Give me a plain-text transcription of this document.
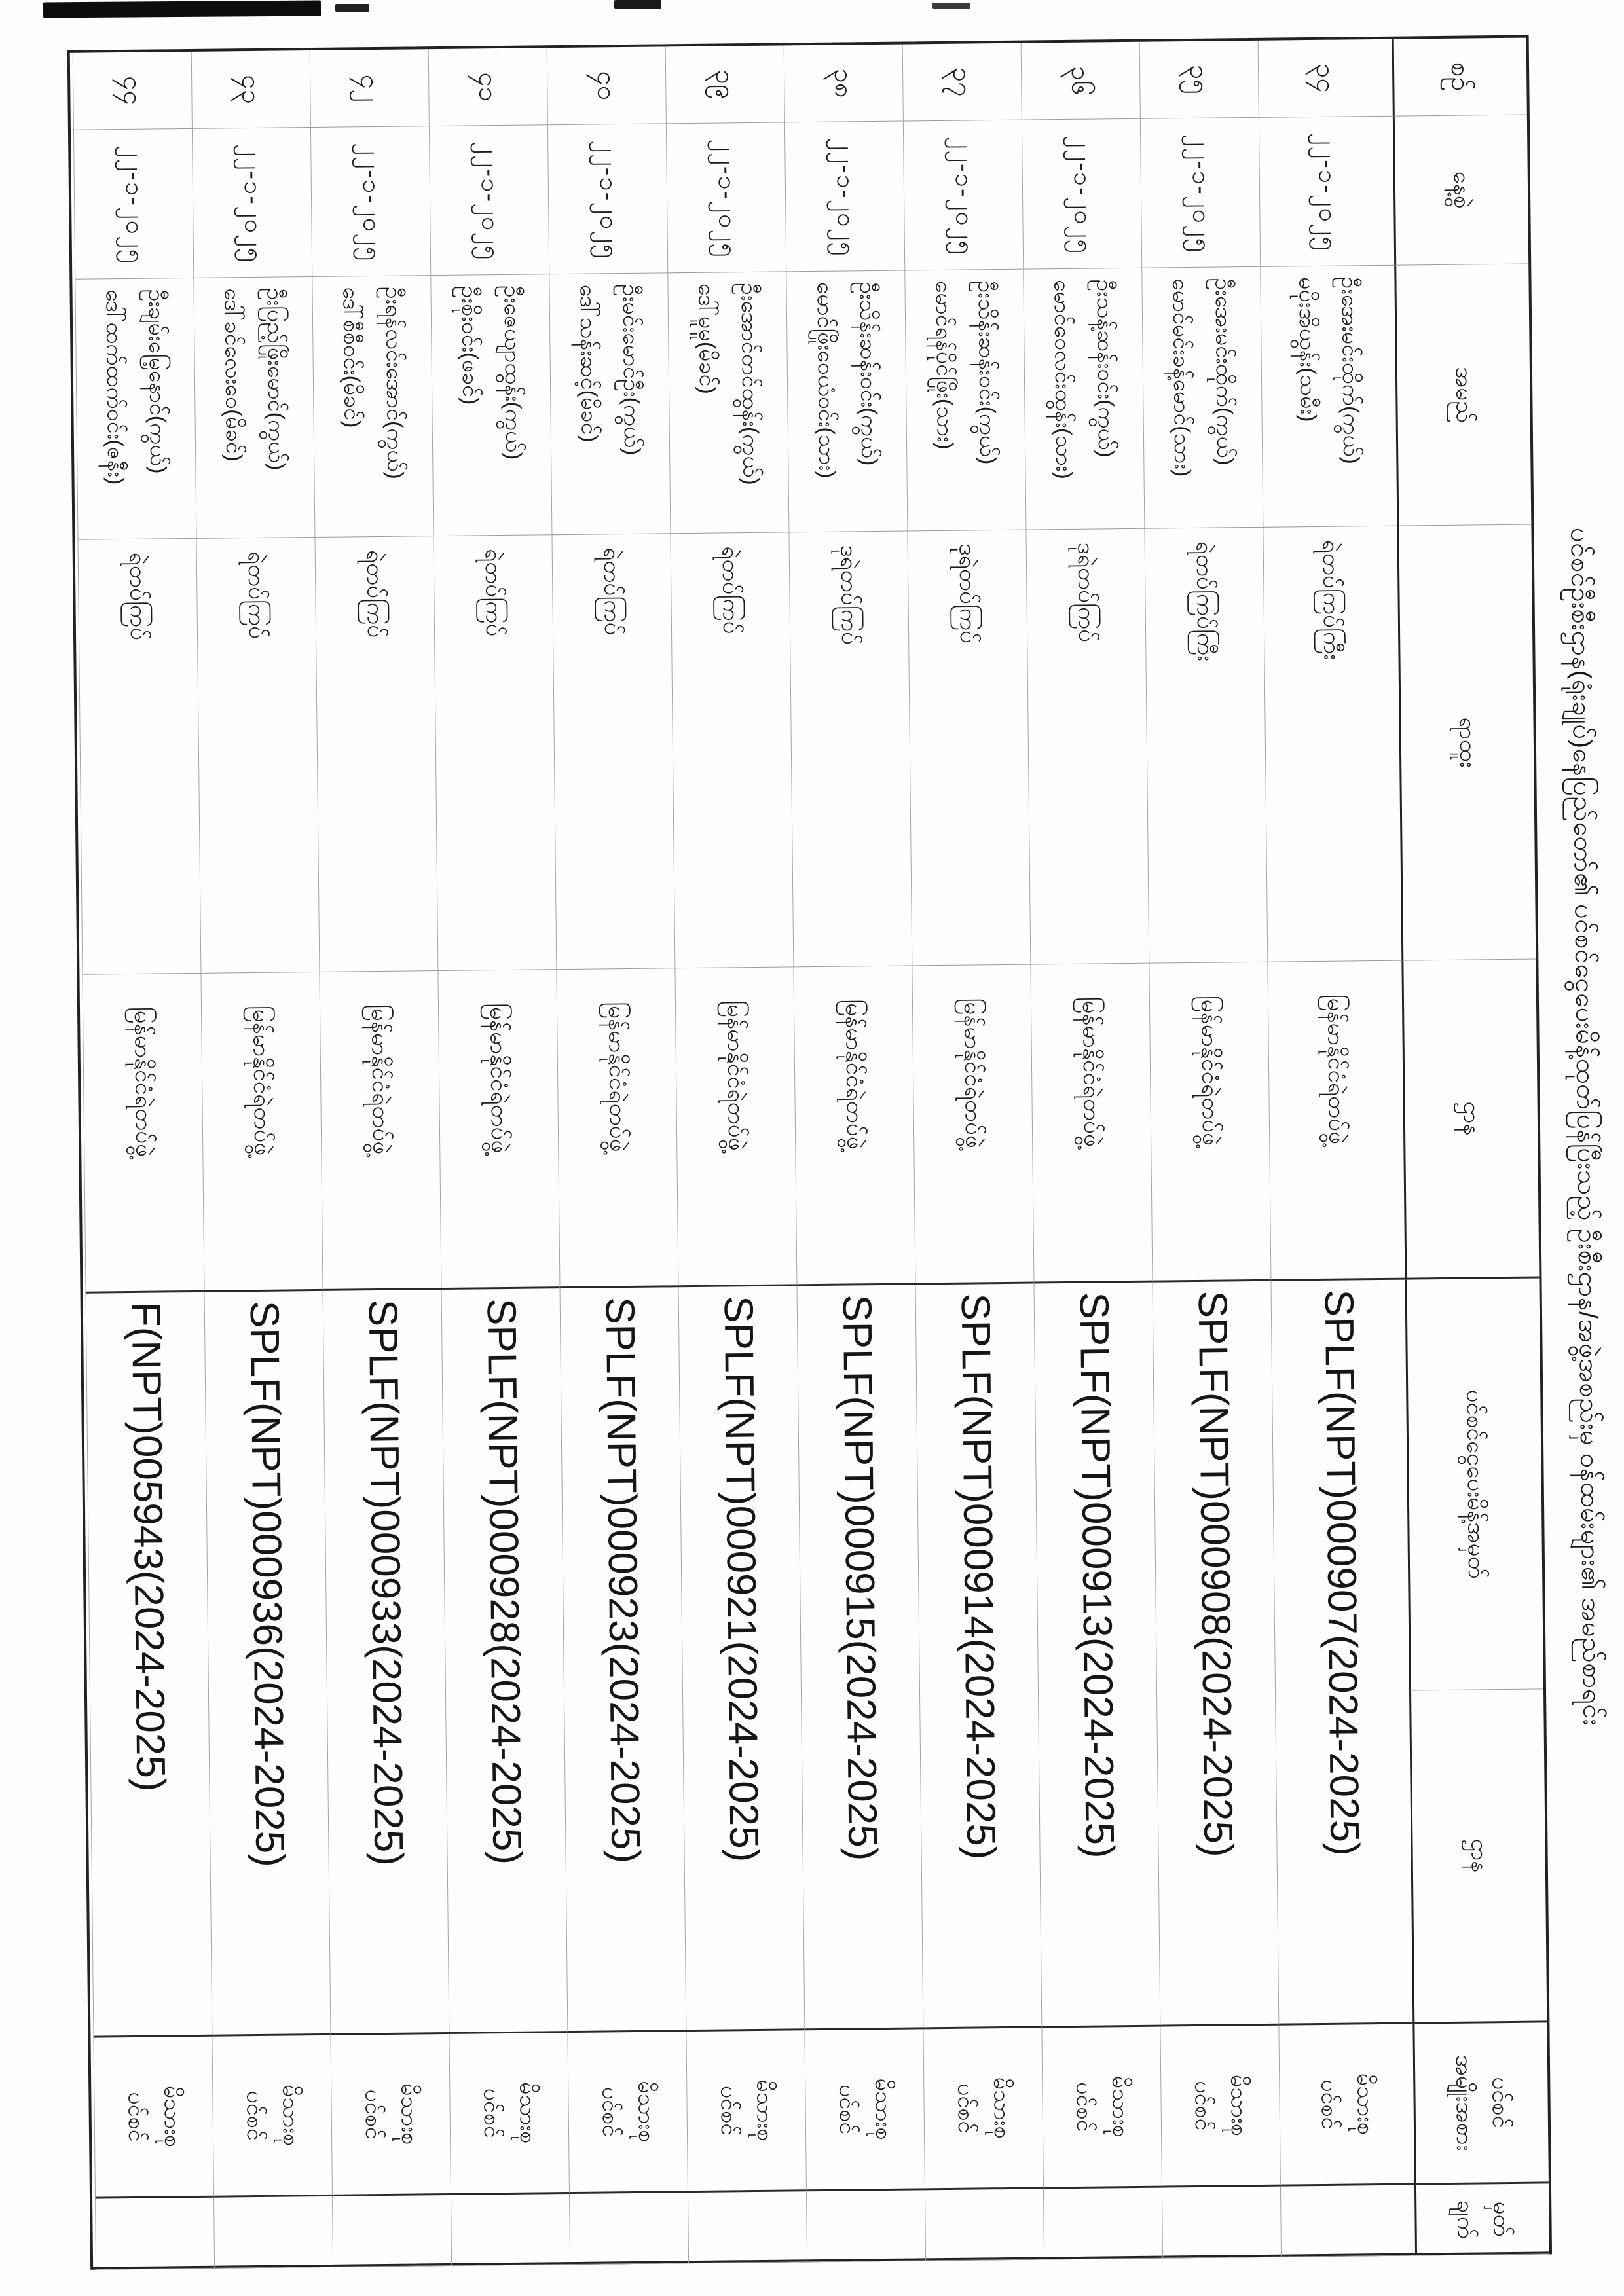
ပင်စင်ဦးစီးဌာန(ရုံးချုပ်)နေပြည်တော်၏ ပင်စင်ငွေပေးမိန့်ထုတ်ပြန်ပြီးသည့် ဦးစီးဌာန/အဖွဲ့အစည်းမှ ဝန်ထမ်းများ၏ အမည်စာရင်း
စဉ်
နေ့စွဲ
အမည်
ရာထူး
ဌာန
ပင်စင်ငွေပေးမိန့်အမှတ်
ဌာန
ပင်စင်
အမျိုးအစား
မှတ်
ချက်
၃၄
၂၂-၁-၂၀၂၅
ဦးအေးမင်းထိုက်(ကွယ်)
မပိုးအိယွန်း(သမီး)
ရဲတပ်ကြပ်ကြီး
မြန်မာနိုင်ငံရဲတပ်ဖွဲ့
SPLF(NPT)000907(2024-2025)
မိသားစု
ပင်စင်
၃၅
၂၂-၁-၂၀၂၅
ဦးအေးမင်းထိုက်(ကွယ်)
မောင်မင်းခန့်မောင်(သား)
ရဲတပ်ကြပ်ကြီး
မြန်မာနိုင်ငံရဲတပ်ဖွဲ့
SPLF(NPT)000908(2024-2025)
မိသားစု
ပင်စင်
၃၆
၂၂-၁-၂၀၂၅
ဦးသန့်ဆန်းဝင်း(ကွယ်)
မောင်ဝေလင်းထွန်း(သား)
ဒုရဲတပ်ကြပ်
မြန်မာနိုင်ငံရဲတပ်ဖွဲ့
SPLF(NPT)000913(2024-2025)
မိသားစု
ပင်စင်
၃၇
၂၂-၁-၂၀၂၅
ဦးသိန်းဆန်းဝင်း(ကွယ်)
မောင်ရန်ပိုင်ဖြိုး(သား)
ဒုရဲတပ်ကြပ်
မြန်မာနိုင်ငံရဲတပ်ဖွဲ့
SPLF(NPT)000914(2024-2025)
မိသားစု
ပင်စင်
၃၈
၂၂-၁-၂၀၂၅
ဦးသိန်းဆန်းဝင်း(ကွယ်)
မောင်ဖြိုးဝေယံဝင်း(သား)
ဒုရဲတပ်ကြပ်
မြန်မာနိုင်ငံရဲတပ်ဖွဲ့
SPLF(NPT)000915(2024-2025)
မိသားစု
ပင်စင်
၃၉
၂၂-၁-၂၀၂၅
ဦးအောင်တင်ထွန်း(ကွယ်)
ဒေါ်မူမူ(မိခင်)
ရဲတပ်ကြပ်
မြန်မာနိုင်ငံရဲတပ်ဖွဲ့
SPLF(NPT)000921(2024-2025)
မိသားစု
ပင်စင်
၄၀
၂၂-၁-၂၀၂၅
ဦးမင်းမောင်ဦး(ကွယ်)
ဒေါ်သန်းဆင့်(မိခင်)
ရဲတပ်ကြပ်
မြန်မာနိုင်ငံရဲတပ်ဖွဲ့
SPLF(NPT)000923(2024-2025)
မိသားစု
ပင်စင်
၄၁
၂၂-၁-၂၀၂၅
ဦးဇေယျာထွန်း(ကွယ်)
ဦးစိုးဝင်း(ဖခင်)
ရဲတပ်ကြပ်
မြန်မာနိုင်ငံရဲတပ်ဖွဲ့
SPLF(NPT)000928(2024-2025)
မိသားစု
ပင်စင်
၄၂
၂၂-၁-၂၀၂၅
ဦးရန်လင်းအောင်(ကွယ်)
ဒေါ်စီစီဝင်း(မိခင်)
ရဲတပ်ကြပ်
မြန်မာနိုင်ငံရဲတပ်ဖွဲ့
SPLF(NPT)000933(2024-2025)
မိသားစု
ပင်စင်
၄၃
၂၂-၁-၂၀၂၅
ဦးပြည့်ဖြိုးမောင်(ကွယ်)
ဒေါ်ခင်လေးဝေ(မိခင်)
ရဲတပ်ကြပ်
မြန်မာနိုင်ငံရဲတပ်ဖွဲ့
SPLF(NPT)000936(2024-2025)
မိသားစု
ပင်စင်
၄၄
၂၂-၁-၂၀၂၅
ဦးချမ်းမြေ့နောင်(ကွယ်)
ဒေါ်ထက်ထက်ဝင်း(ဇနီး)
ရဲတပ်ကြပ်
မြန်မာနိုင်ငံရဲတပ်ဖွဲ့
F(NPT)005943(2024-2025)
မိသားစု
ပင်စင်
